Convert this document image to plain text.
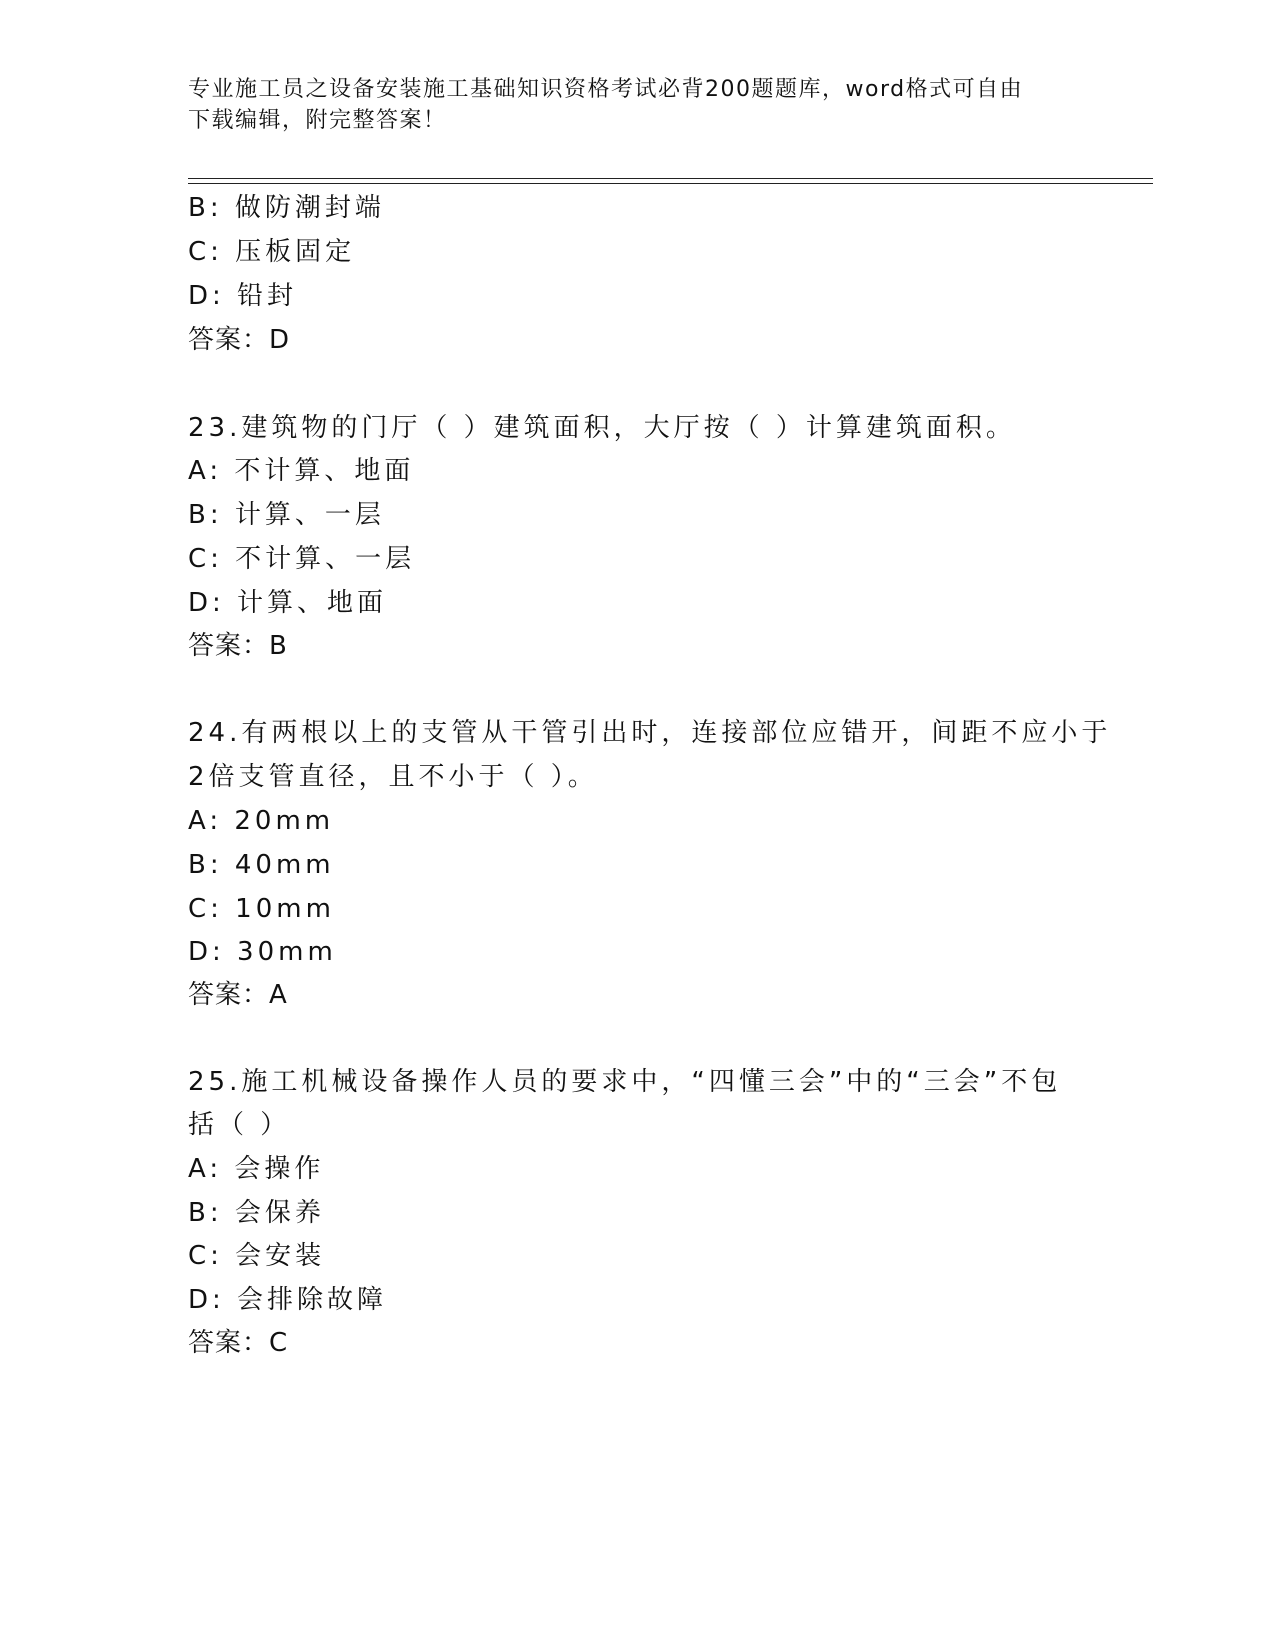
专业施工员之设备安装施工基础知识资格考试必背200题题库，word格式可自由
下载编辑，附完整答案！
B: 做防潮封端
C: 压板固定
D: 铅封
答案：D
23.建筑物的门厅（ ）建筑面积，大厅按（ ）计算建筑面积。
A: 不计算、地面
B: 计算、一层
C: 不计算、一层
D: 计算、地面
答案：B
24.有两根以上的支管从干管引出时，连接部位应错开，间距不应小于
2倍支管直径，且不小于（ ）。
A: 20mm
B: 40mm
C: 10mm
D: 30mm
答案：A
25.施工机械设备操作人员的要求中，“四懂三会”中的“三会”不包
括（ ）
A: 会操作
B: 会保养
C: 会安装
D: 会排除故障
答案：C
